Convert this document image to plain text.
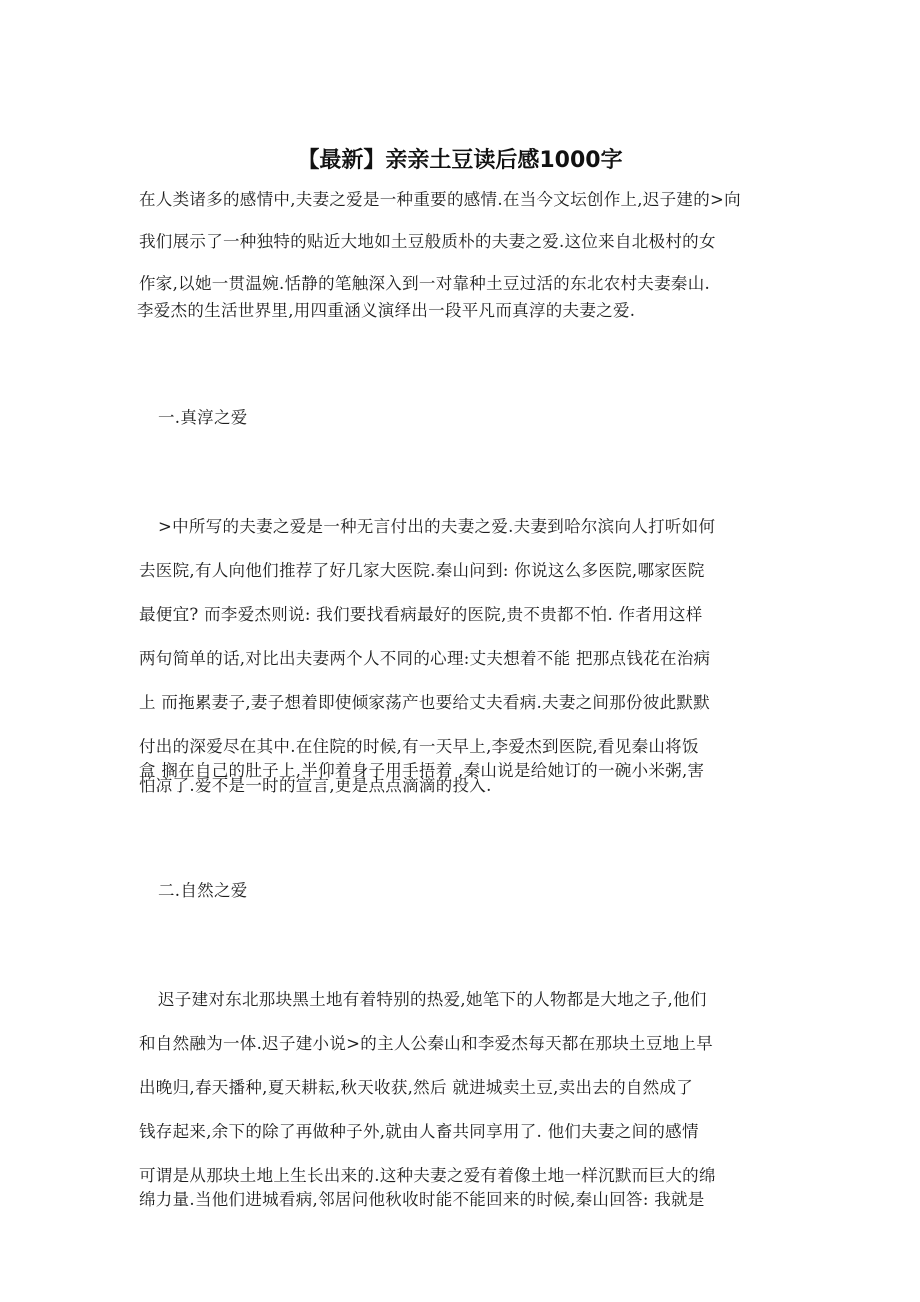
【最新】亲亲土豆读后感1000字
在人类诸多的感情中,夫妻之爱是一种重要的感情.在当今文坛创作上,迟子建的>向
我们展示了一种独特的贴近大地如土豆般质朴的夫妻之爱.这位来自北极村的女
作家,以她一贯温婉.恬静的笔触深入到一对靠种土豆过活的东北农村夫妻秦山.
李爱杰的生活世界里,用四重涵义演绎出一段平凡而真淳的夫妻之爱.
一.真淳之爱
>中所写的夫妻之爱是一种无言付出的夫妻之爱.夫妻到哈尔滨向人打听如何
去医院,有人向他们推荐了好几家大医院.秦山问到: 你说这么多医院,哪家医院
最便宜? 而李爱杰则说: 我们要找看病最好的医院,贵不贵都不怕. 作者用这样
两句简单的话,对比出夫妻两个人不同的心理:丈夫想着不能 把那点钱花在治病
上 而拖累妻子,妻子想着即使倾家荡产也要给丈夫看病.夫妻之间那份彼此默默
付出的深爱尽在其中.在住院的时候,有一天早上,李爱杰到医院,看见秦山将饭
盒 搁在自己的肚子上,半仰着身子用手捂着 ,秦山说是给她订的一碗小米粥,害
怕凉了.爱不是一时的宣言,更是点点滴滴的投入.
二.自然之爱
迟子建对东北那块黑土地有着特别的热爱,她笔下的人物都是大地之子,他们
和自然融为一体.迟子建小说>的主人公秦山和李爱杰每天都在那块土豆地上早
出晚归,春天播种,夏天耕耘,秋天收获,然后 就进城卖土豆,卖出去的自然成了
钱存起来,余下的除了再做种子外,就由人畜共同享用了. 他们夫妻之间的感情
可谓是从那块土地上生长出来的.这种夫妻之爱有着像土地一样沉默而巨大的绵
绵力量.当他们进城看病,邻居问他秋收时能不能回来的时候,秦山回答: 我就是
